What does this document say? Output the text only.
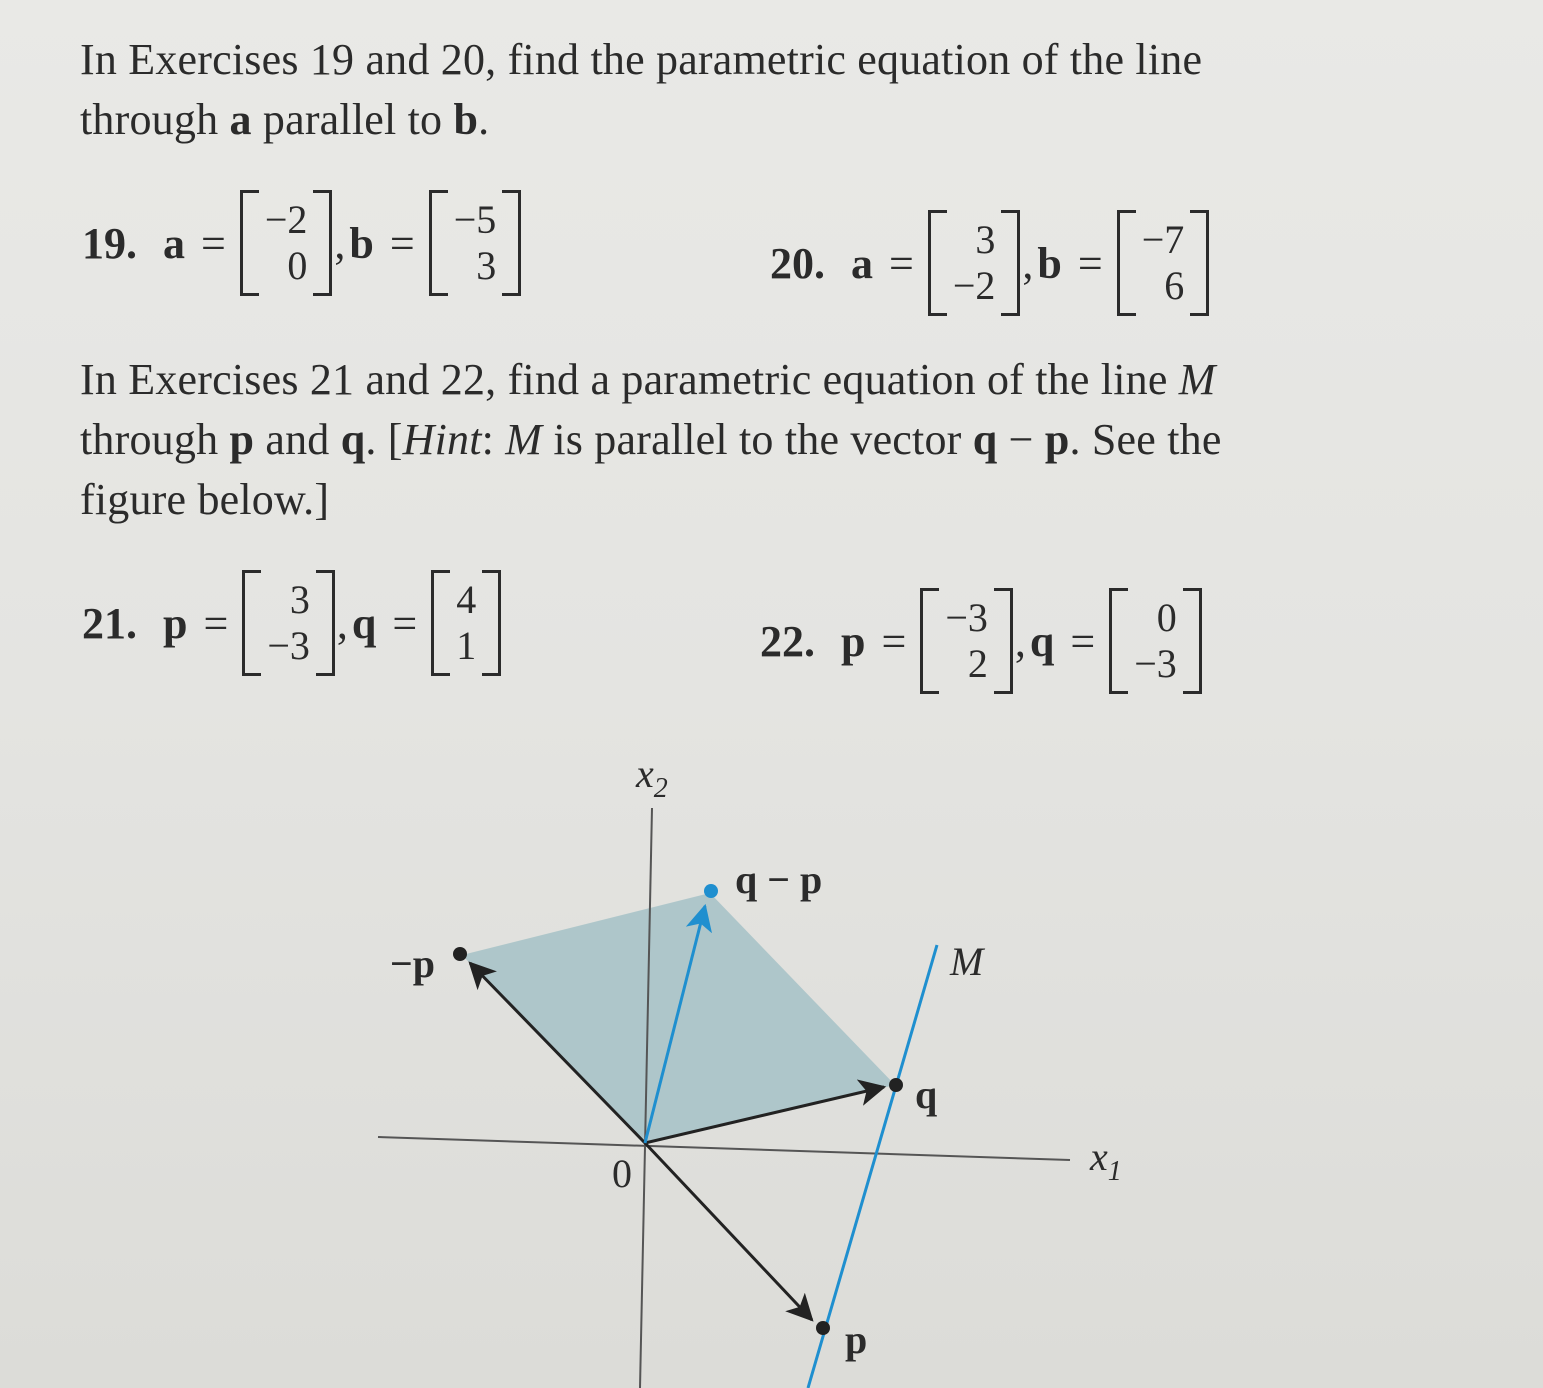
In Exercises 19 and 20, find the parametric equation of the line
through a parallel to b.
19. a = −2
0 , b = −5
3	20. a = 3
−2 , b = −7
6
In Exercises 21 and 22, find a parametric equation of the line M
through p and q. [Hint: M is parallel to the vector q − p. See the
figure below.]
21. p = 3
−3 , q = 4
1	22. p = −3
2 , q = 0
−3
$x_2$
$x_1$
0
q − p
−p
q
p
M
